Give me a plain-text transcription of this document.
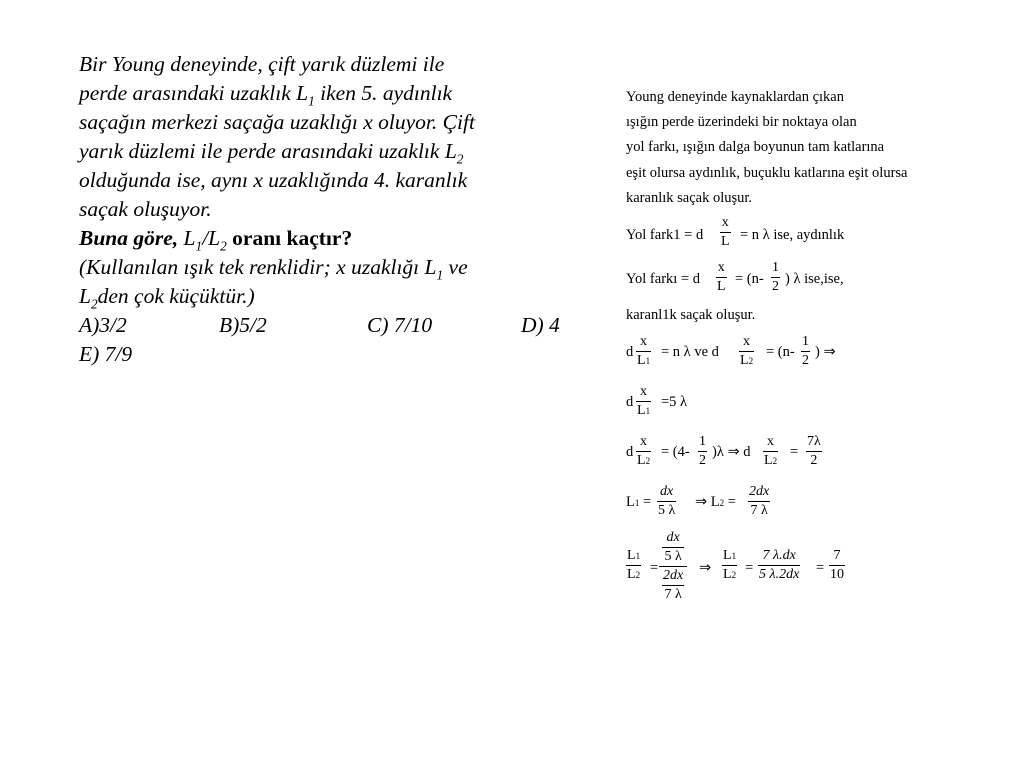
Bir Young deneyinde, çift yarık düzlemi ile

perde arasındaki uzaklık $L_1$ iken 5. aydınlık

saçağın merkezi saçağa uzaklığı x oluyor. Çift

yarık düzlemi ile perde arasındaki uzaklık $L_2$

olduğunda ise, aynı x uzaklığında 4. karanlık

saçak oluşuyor.

Buna göre, $L_1/L_2$ oranı kaçtır?

(Kullanılan ışık tek renklidir; x uzaklığı $L_1$ ve

$L_2den$ çok küçüktür.)

A)3/2	B)5/2	C) 7/10	D) 4

E) 7/9

Young deneyinde kaynaklardan çıkan
ışığın perde üzerindeki bir noktaya olan
yol farkı, ışığın dalga boyunun tam katlarına
eşit olursa aydınlık, buçuklu katlarına eşit olursa
karanlık saçak oluşur.
Yol fark1 = d
x
L = n λ ise, aydınlık
Yol farkı = d
x
L = (n-
1
2 ) λ ise,ise,
karanl1k saçak oluşur.
d
x
L1
= n λ ve d
x
L2
= (n-
1
2
) ⇒
d
x
L1
=5 λ
d
x
L2
= (4-
1
2
)λ ⇒ d
x
L2
=
7λ
2
L1 =
dx
5 λ
⇒ L2 =
2dx
7 λ
L1
L2 =
dx
5 λ
2dx
7 λ
⇒
L1
L2 =
7 λ.dx
5 λ.2dx =
7
10
